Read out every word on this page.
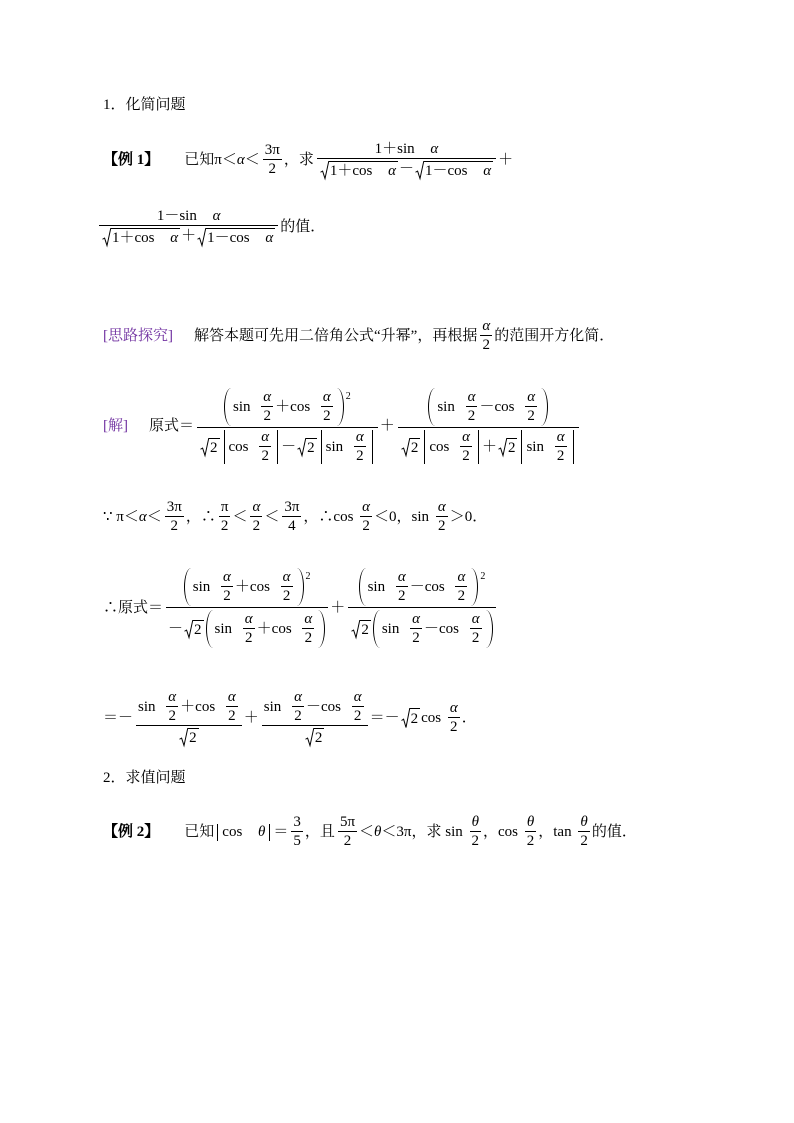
1．化简问题
【例 1】 　已知$\pi< \alpha < \frac{3\pi}{2}$ ，求 $\frac{\text{1＋sin α}}{\text{1＋cos α － 1－cos α}}$ ＋
$\frac{\text{1－sin α}}{\text{1＋cos α ＋ 1－cos α}}$ 的值．
[思路探究] 　解答本题可先用二倍角公式“升幂”，再根据 $\frac{\alpha}{2}$ 的范围开方化简．
[解] 　原式＝ $\frac{\sin \frac{\alpha}{2} +\cos \frac{\alpha}{2} 2}{2 \cos \frac{\alpha}{2} - 2 \sin \frac{\alpha}{2}} + \frac{\sin \frac{\alpha}{2} -\cos \frac{\alpha}{2}}{2 \cos \frac{\alpha}{2} + 2 \sin \frac{\alpha}{2}}$
∵ $\pi< \alpha < \frac{3\pi}{2}$ ，∴ $\frac{\pi}{2} < \frac{\alpha}{2} < \frac{3\pi}{4}$ ，∴cos $\frac{\alpha}{2} <0$，$\sin \frac{\alpha}{2} >0$．
∴原式＝ $\frac{\sin \frac{\alpha}{2} +\cos \frac{\alpha}{2} 2}{- 2 \sin \frac{\alpha}{2} +\cos \frac{\alpha}{2}} + \frac{\sin \frac{\alpha}{2} -\cos \frac{\alpha}{2} 2}{2 \sin \frac{\alpha}{2} -\cos \frac{\alpha}{2}}$
＝－ $\frac{\sin \frac{\alpha}{2} +\cos \frac{\alpha}{2}}{2} + \frac{\sin \frac{\alpha}{2} -\cos \frac{\alpha}{2}}{2} =- 2$ $\cos \frac{\alpha}{2}$ ．
2．求值问题
【例 2】 　已知 $\cos \theta = \frac{3}{5}$ ，且 $\frac{5\pi}{2} < \theta <3\pi$，求 $\sin \frac{\theta}{2}$ ，$\cos \frac{\theta}{2}$ ，$\tan \frac{\theta}{2}$ 的值．
